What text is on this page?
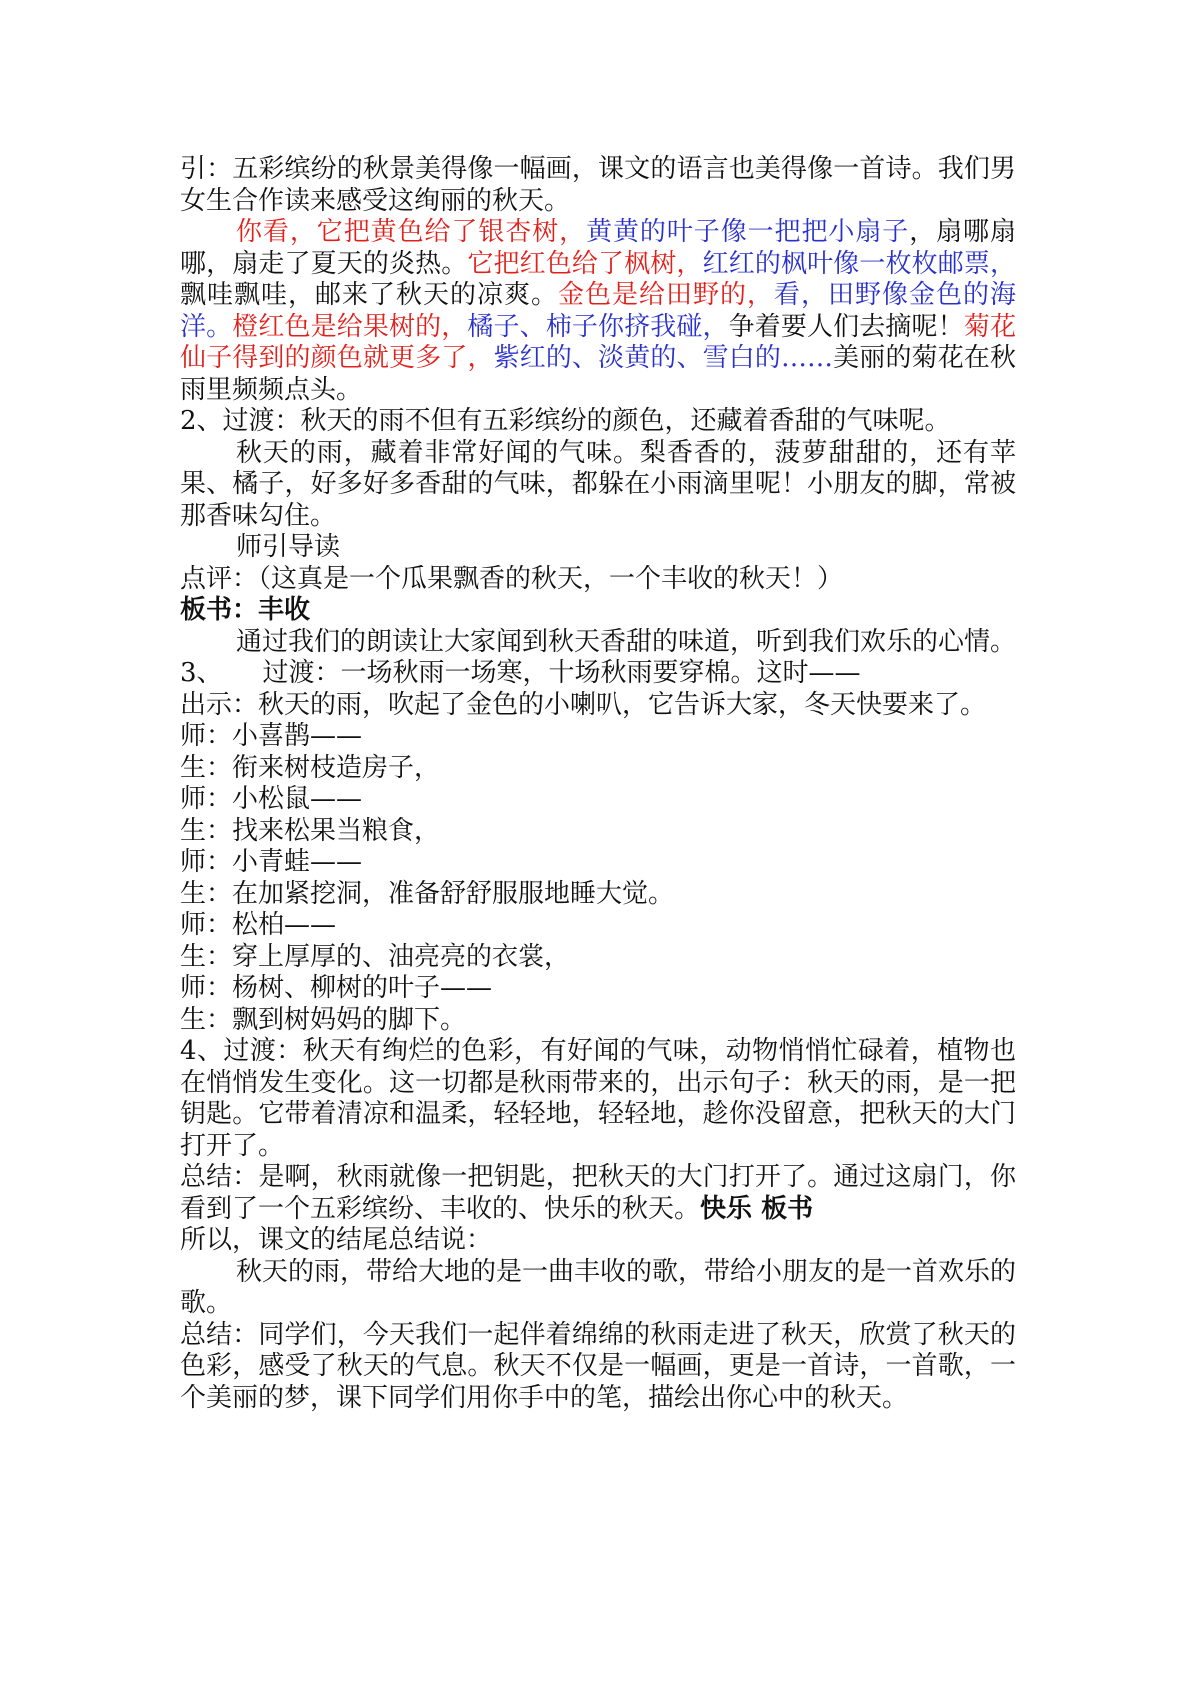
引：五彩缤纷的秋景美得像一幅画，课文的语言也美得像一首诗。我们男女生合作读来感受这绚丽的秋天。

你看，它把黄色给了银杏树，黄黄的叶子像一把把小扇子，扇哪扇哪，扇走了夏天的炎热。它把红色给了枫树，红红的枫叶像一枚枚邮票，飘哇飘哇，邮来了秋天的凉爽。金色是给田野的，看，田野像金色的海洋。橙红色是给果树的，橘子、柿子你挤我碰，争着要人们去摘呢！菊花仙子得到的颜色就更多了，紫红的、淡黄的、雪白的……美丽的菊花在秋雨里频频点头。

2、过渡：秋天的雨不但有五彩缤纷的颜色，还藏着香甜的气味呢。

秋天的雨，藏着非常好闻的气味。梨香香的，菠萝甜甜的，还有苹果、橘子，好多好多香甜的气味，都躲在小雨滴里呢！小朋友的脚，常被那香味勾住。

师引导读

点评：（这真是一个瓜果飘香的秋天，一个丰收的秋天！）

板书：丰收

通过我们的朗读让大家闻到秋天香甜的味道，听到我们欢乐的心情。

3、 过渡：一场秋雨一场寒，十场秋雨要穿棉。这时——

出示：秋天的雨，吹起了金色的小喇叭，它告诉大家，冬天快要来了。

师：小喜鹊——

生：衔来树枝造房子，

师：小松鼠——

生：找来松果当粮食，

师：小青蛙——

生：在加紧挖洞，准备舒舒服服地睡大觉。

师：松柏——

生：穿上厚厚的、油亮亮的衣裳，

师：杨树、柳树的叶子——

生：飘到树妈妈的脚下。

4、过渡：秋天有绚烂的色彩，有好闻的气味，动物悄悄忙碌着，植物也在悄悄发生变化。这一切都是秋雨带来的，出示句子：秋天的雨，是一把钥匙。它带着清凉和温柔，轻轻地，轻轻地，趁你没留意，把秋天的大门打开了。

总结：是啊，秋雨就像一把钥匙，把秋天的大门打开了。通过这扇门，你看到了一个五彩缤纷、丰收的、快乐的秋天。快乐 板书

所以，课文的结尾总结说：

秋天的雨，带给大地的是一曲丰收的歌，带给小朋友的是一首欢乐的歌。

总结：同学们，今天我们一起伴着绵绵的秋雨走进了秋天，欣赏了秋天的色彩，感受了秋天的气息。秋天不仅是一幅画，更是一首诗，一首歌，一个美丽的梦，课下同学们用你手中的笔，描绘出你心中的秋天。
